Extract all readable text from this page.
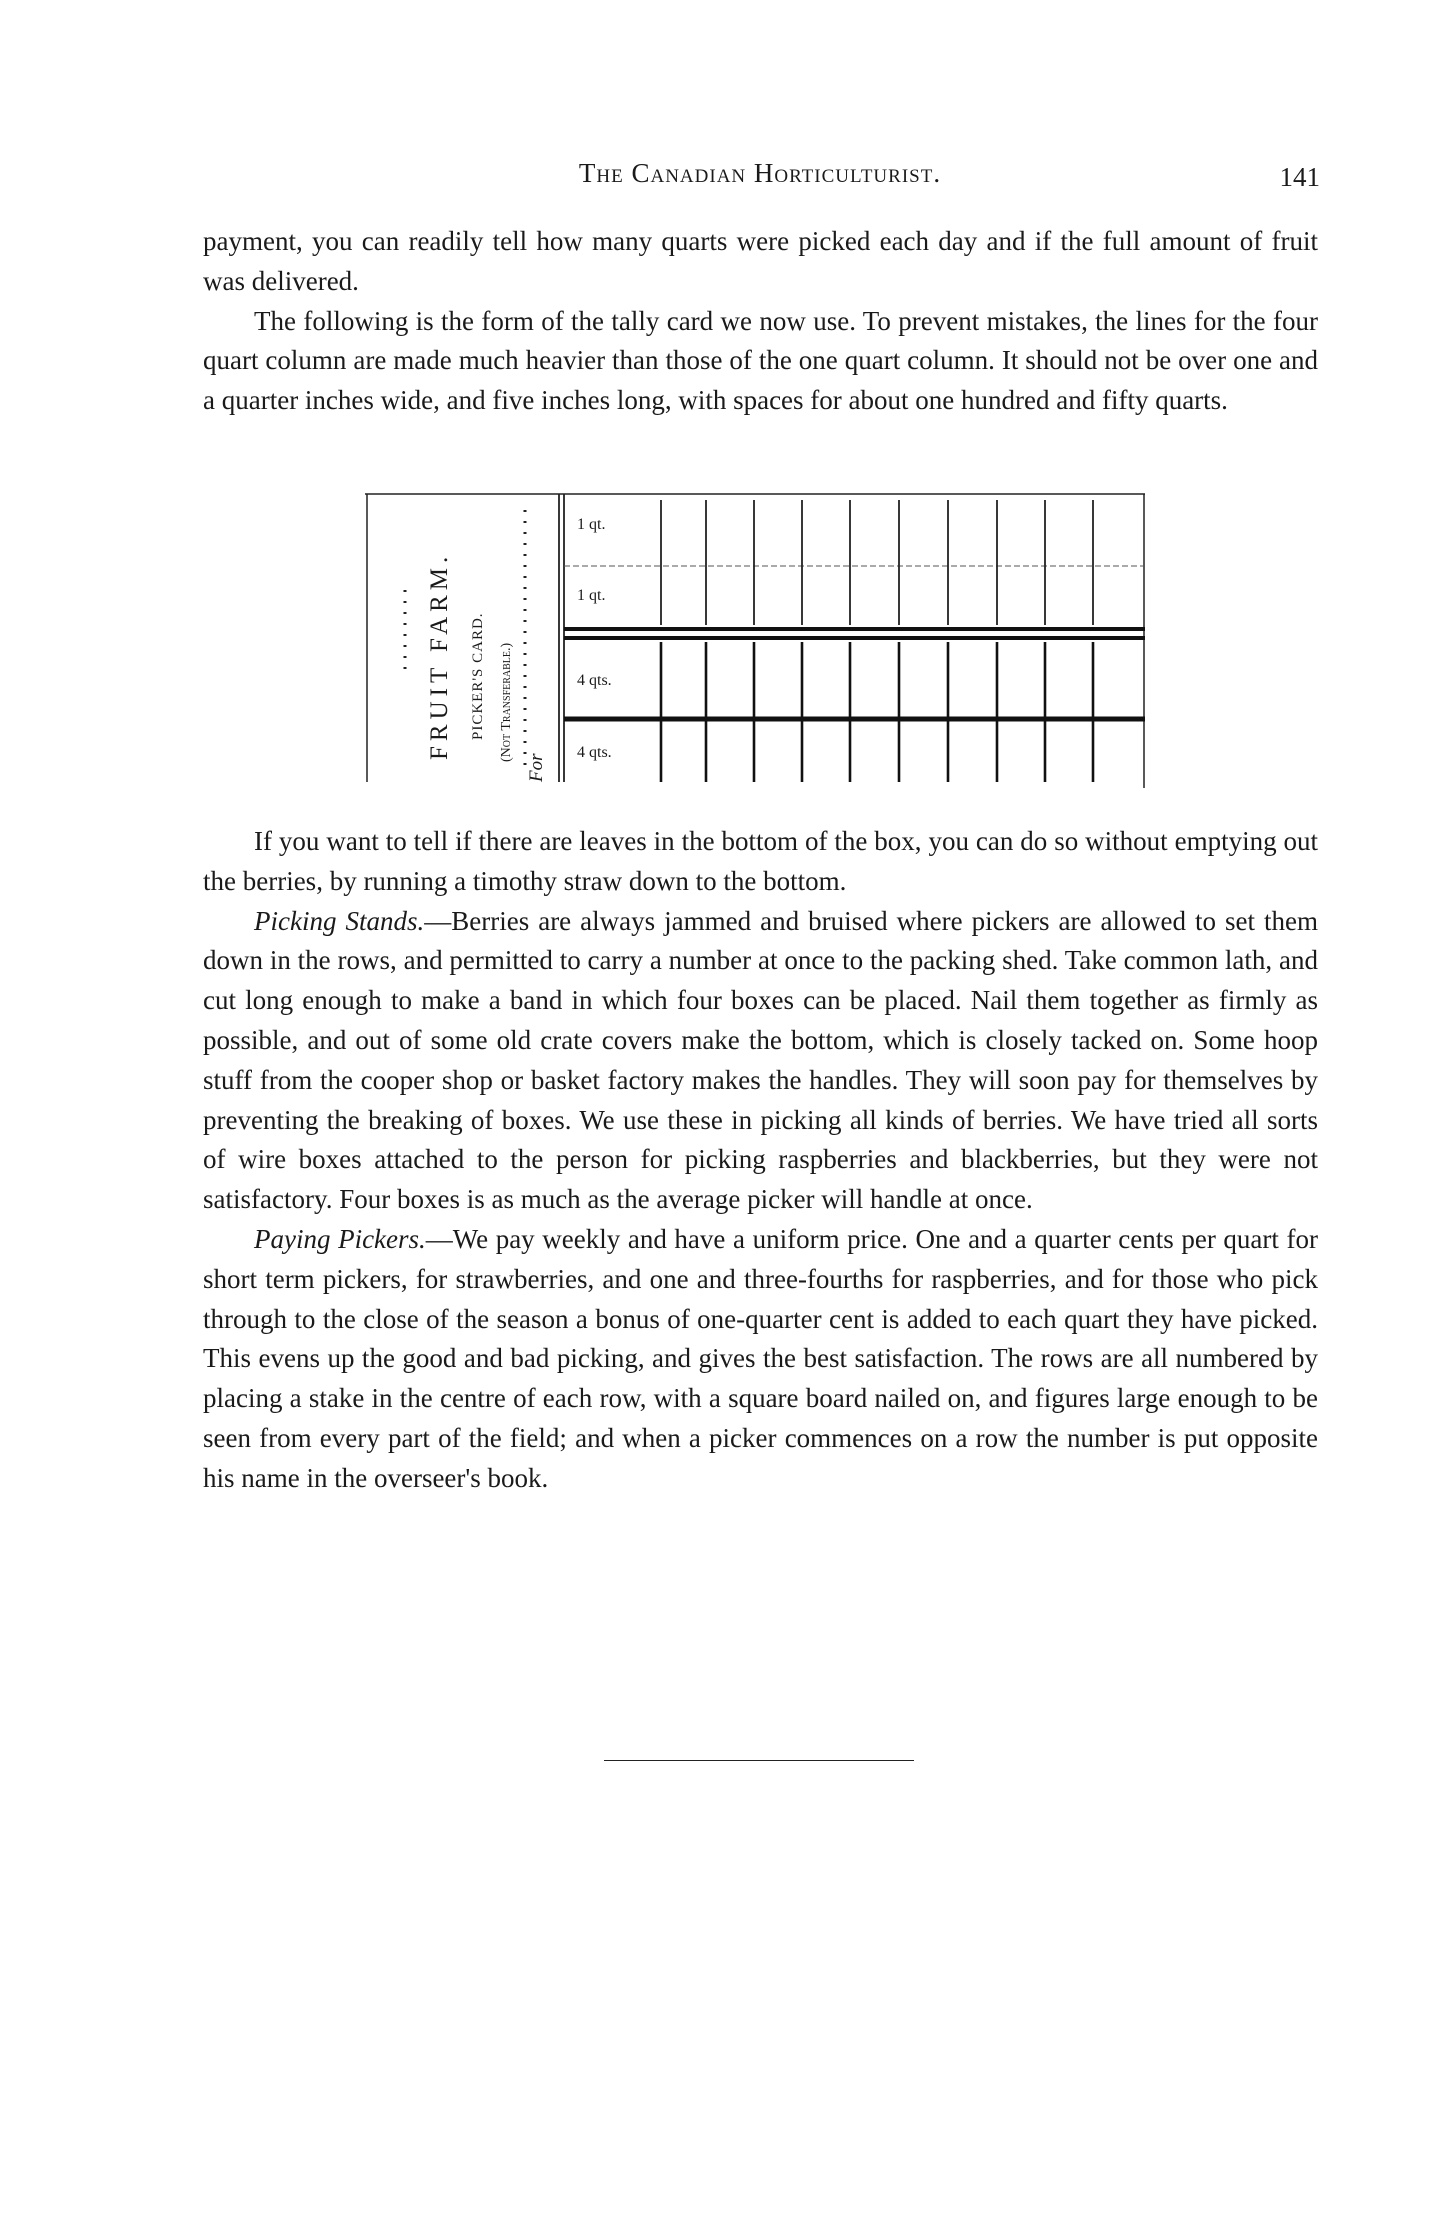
The Canadian Horticulturist.	141

payment, you can readily tell how many quarts were picked each day and if the full amount of fruit was delivered.

The following is the form of the tally card we now use. To prevent mistakes, the lines for the four quart column are made much heavier than those of the one quart column. It should not be over one and a quarter inches wide, and five inches long, with spaces for about one hundred and fifty quarts.

FRUIT FARM. PICKER'S CARD. (Not Transferable.)
For
1 qt.
1 qt.
4 qts.
4 qts.

If you want to tell if there are leaves in the bottom of the box, you can do so without emptying out the berries, by running a timothy straw down to the bottom.

Picking Stands.—Berries are always jammed and bruised where pickers are allowed to set them down in the rows, and permitted to carry a number at once to the packing shed. Take common lath, and cut long enough to make a band in which four boxes can be placed. Nail them together as firmly as possible, and out of some old crate covers make the bottom, which is closely tacked on. Some hoop stuff from the cooper shop or basket factory makes the handles. They will soon pay for themselves by preventing the breaking of boxes. We use these in picking all kinds of berries. We have tried all sorts of wire boxes attached to the person for picking raspberries and blackberries, but they were not satisfactory. Four boxes is as much as the average picker will handle at once.

Paying Pickers.—We pay weekly and have a uniform price. One and a quarter cents per quart for short term pickers, for strawberries, and one and three-fourths for raspberries, and for those who pick through to the close of the season a bonus of one-quarter cent is added to each quart they have picked. This evens up the good and bad picking, and gives the best satisfaction. The rows are all numbered by placing a stake in the centre of each row, with a square board nailed on, and figures large enough to be seen from every part of the field; and when a picker commences on a row the number is put opposite his name in the overseer's book.
